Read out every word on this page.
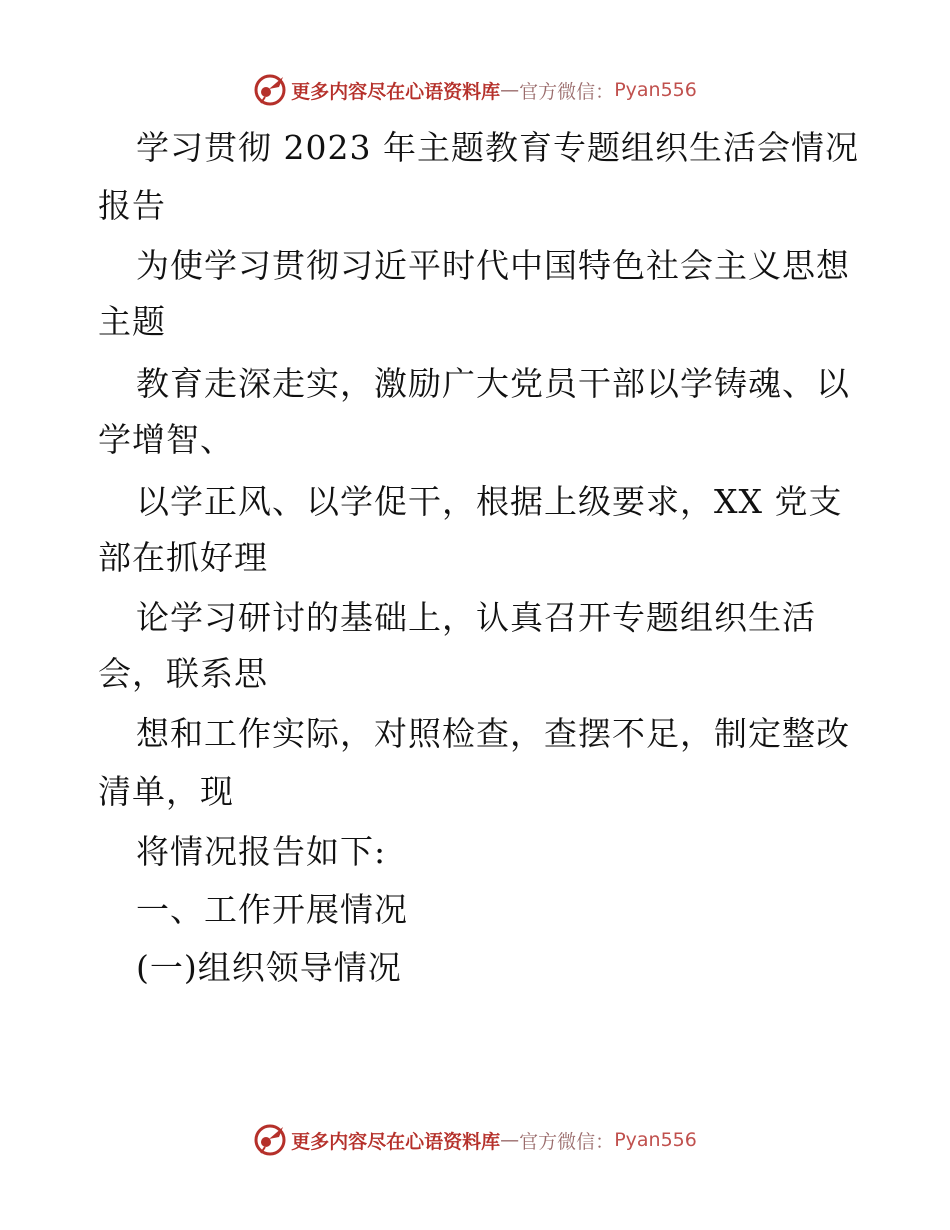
更多内容尽在心语资料库 — 官方微信： Pyan556
学习贯彻 2023 年主题教育专题组织生活会情况
报告
为使学习贯彻习近平时代中国特色社会主义思想
主题
教育走深走实，激励广大党员干部以学铸魂、以
学增智、
以学正风、以学促干，根据上级要求，XX 党支
部在抓好理
论学习研讨的基础上，认真召开专题组织生活
会，联系思
想和工作实际，对照检查，查摆不足，制定整改
清单，现
将情况报告如下:
一、工作开展情况
(一)组织领导情况
更多内容尽在心语资料库 — 官方微信： Pyan556
